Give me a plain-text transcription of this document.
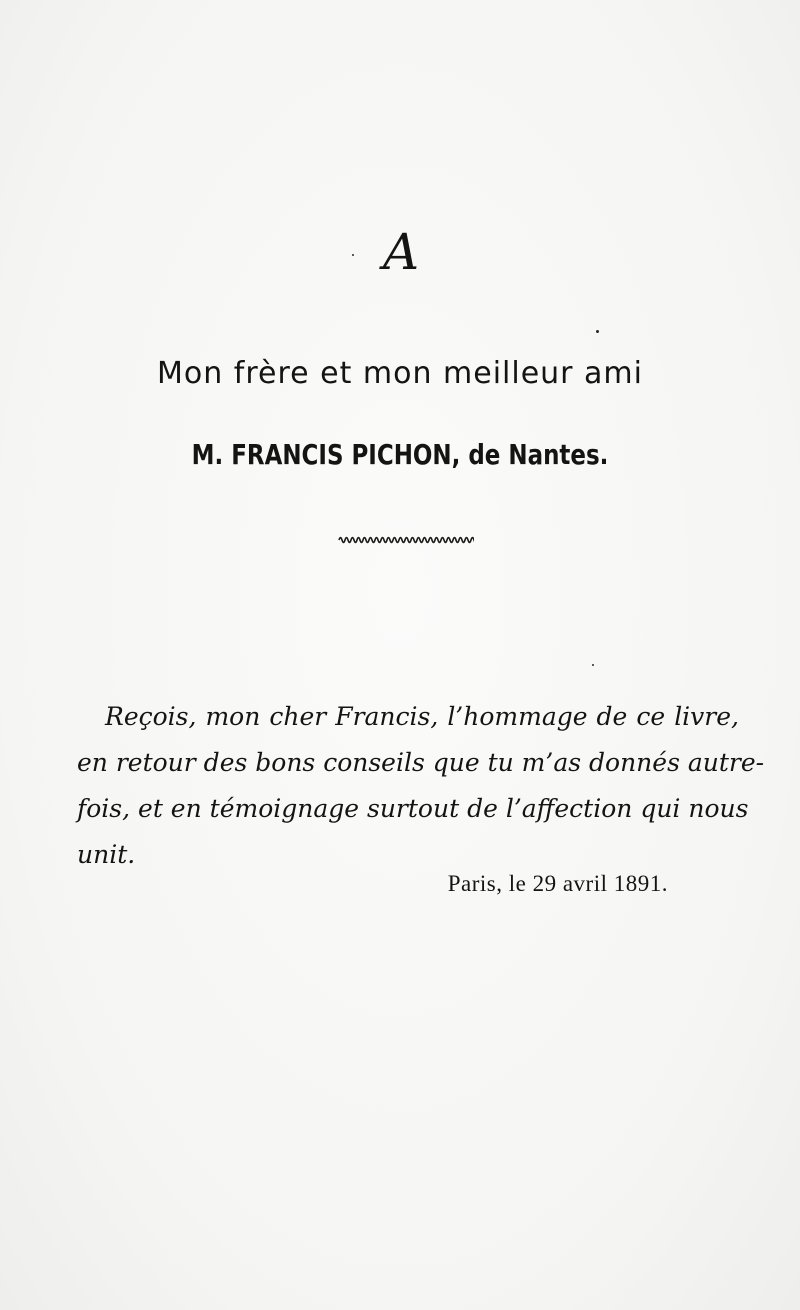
A
Mon frère et mon meilleur ami
M. FRANCIS PICHON, de Nantes.
Reçois, mon cher Francis, l’hommage de ce livre,
en retour des bons conseils que tu m’as donnés autre-
fois, et en témoignage surtout de l’affection qui nous
unit.
Paris, le 29 avril 1891.
